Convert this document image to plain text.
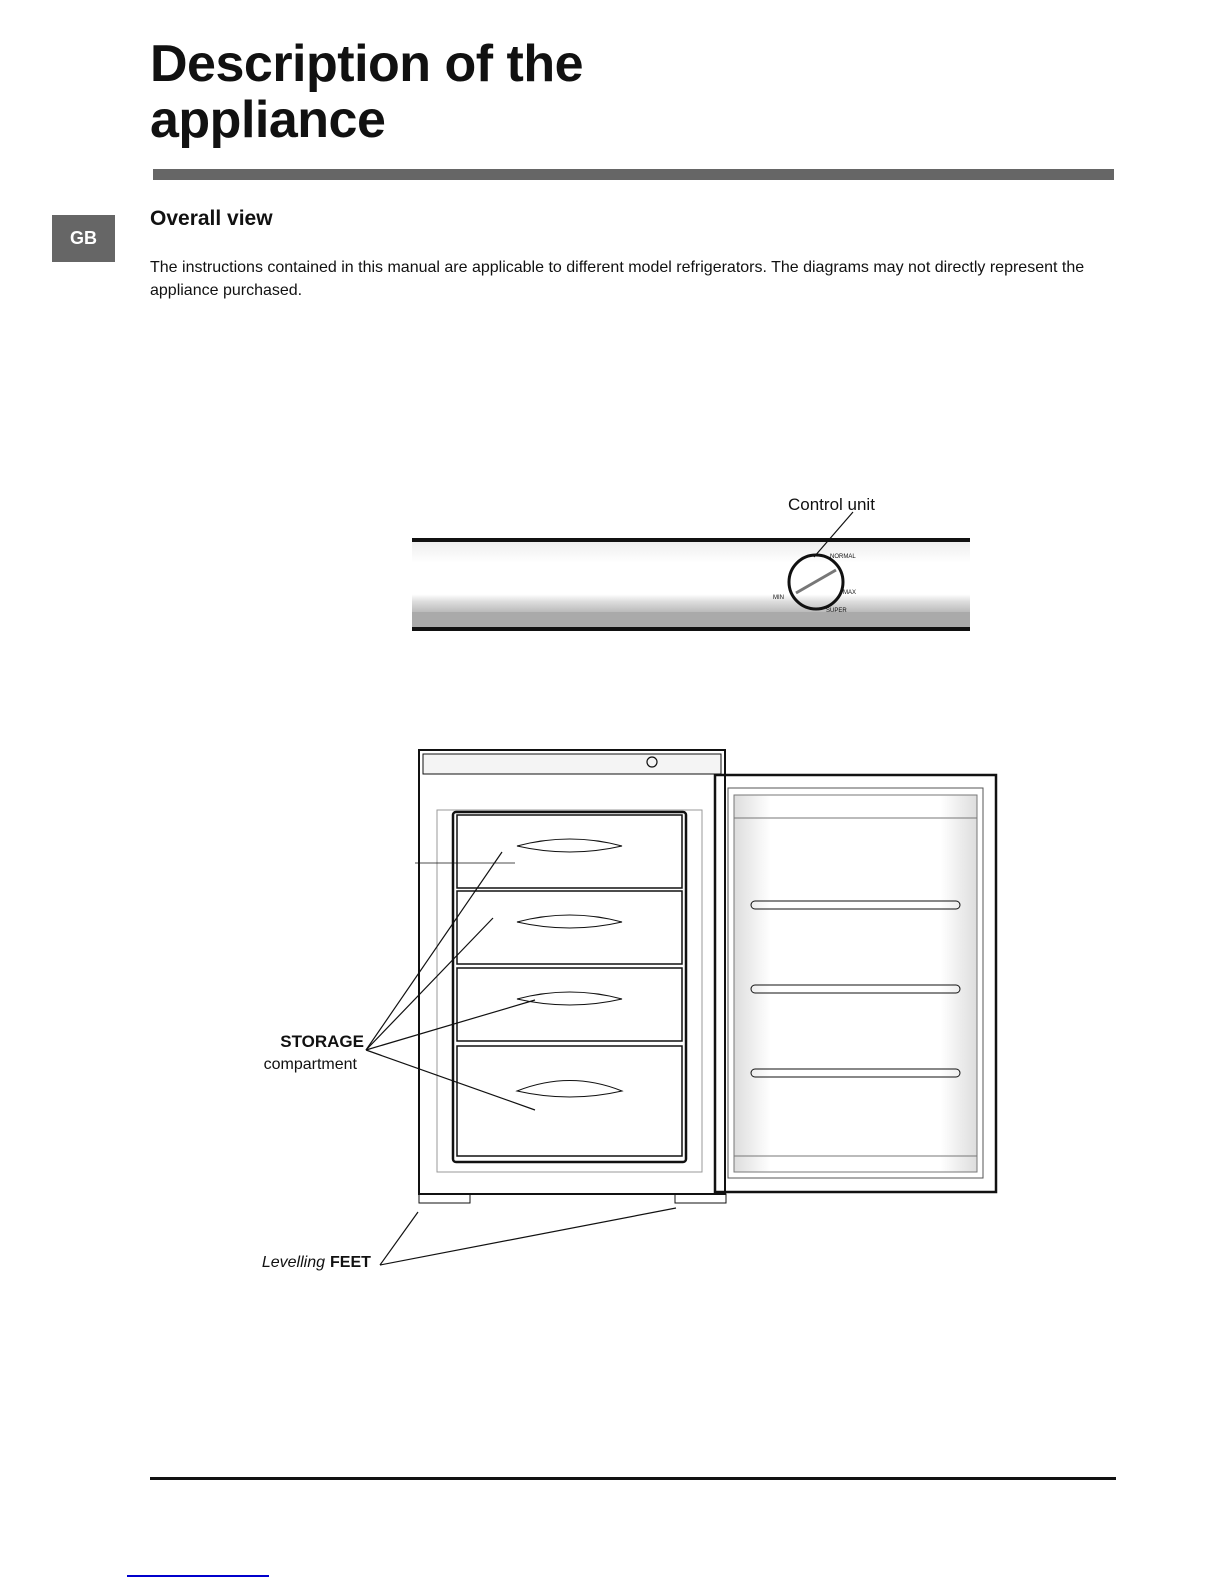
Description of the
appliance
GB
Overall view
The instructions contained in this manual are applicable to different model refrigerators. The diagrams may not directly represent the appliance purchased.
Control unit
NORMAL
MAX
MIN
SUPER
STORAGE
compartment
Levelling FEET
